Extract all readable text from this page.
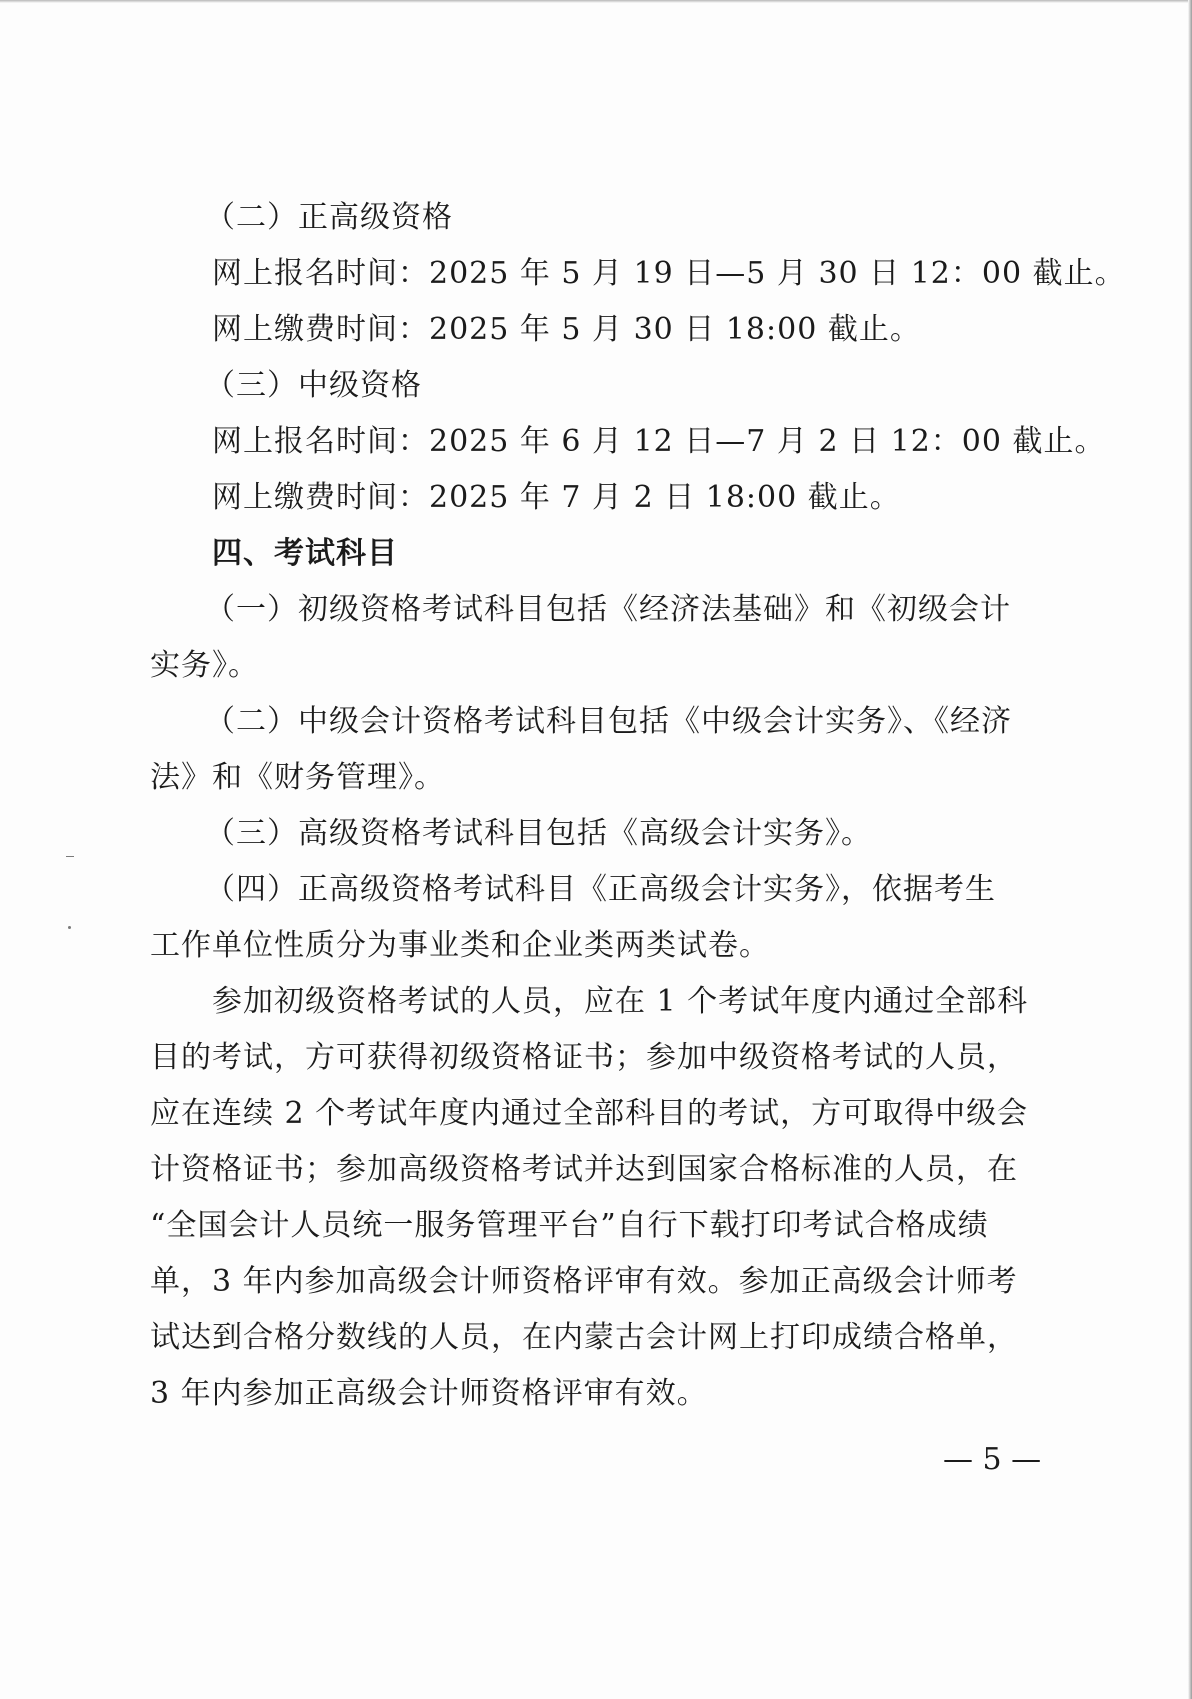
（二）正高级资格
网上报名时间：2025 年 5 月 19 日—5 月 30 日 12：00 截止。
网上缴费时间：2025 年 5 月 30 日 18:00 截止。
（三）中级资格
网上报名时间：2025 年 6 月 12 日—7 月 2 日 12：00 截止。
网上缴费时间：2025 年 7 月 2 日 18:00 截止。
四、考试科目
（一）初级资格考试科目包括《经济法基础》和《初级会计
实务》。
（二）中级会计资格考试科目包括《中级会计实务》、《经济
法》和《财务管理》。
（三）高级资格考试科目包括《高级会计实务》。
（四）正高级资格考试科目《正高级会计实务》，依据考生
工作单位性质分为事业类和企业类两类试卷。
参加初级资格考试的人员，应在 1 个考试年度内通过全部科
目的考试，方可获得初级资格证书；参加中级资格考试的人员，
应在连续 2 个考试年度内通过全部科目的考试，方可取得中级会
计资格证书；参加高级资格考试并达到国家合格标准的人员，在
“全国会计人员统一服务管理平台”自行下载打印考试合格成绩
单，3 年内参加高级会计师资格评审有效。参加正高级会计师考
试达到合格分数线的人员，在内蒙古会计网上打印成绩合格单，
3 年内参加正高级会计师资格评审有效。
— 5 —
